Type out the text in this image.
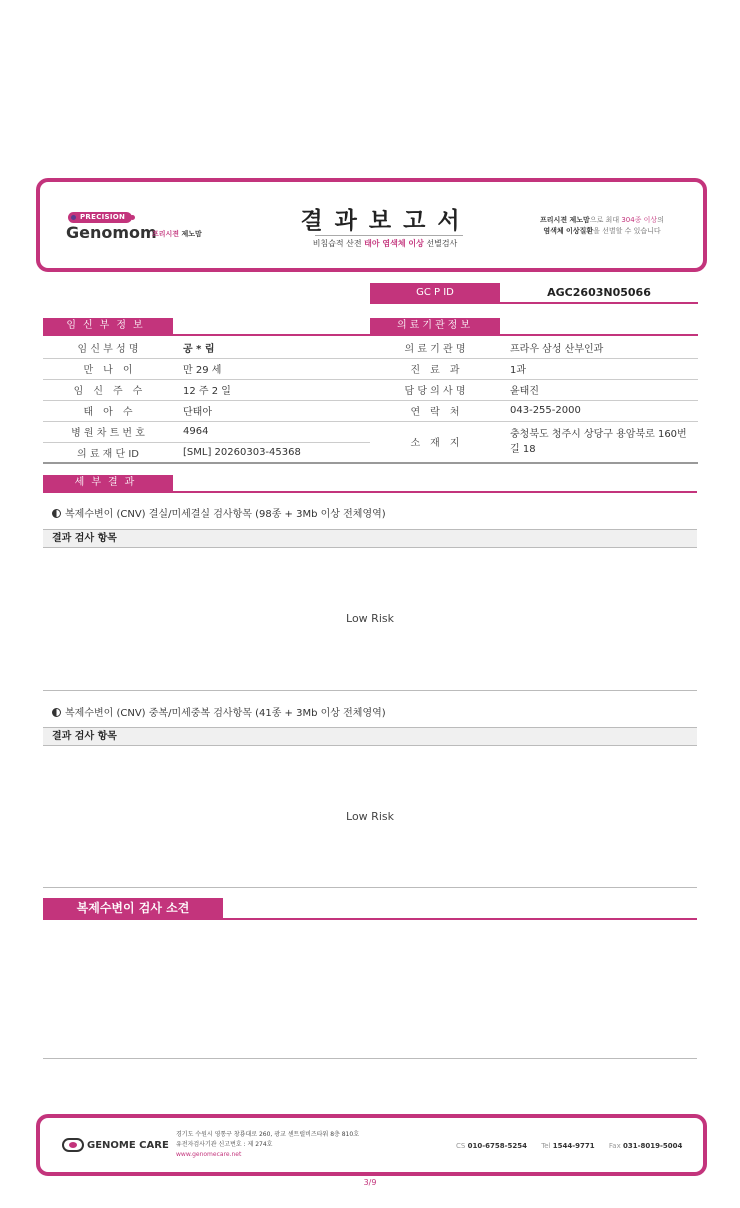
PRECISION
Genomom
프리시젼 제노맘	결과보고서
비침습적 산전 태아 염색체 이상 선별검사
프리시젼 제노맘으로 최대 304종 이상의
염색체 이상질환을 선별할 수 있습니다
GC P ID	AGC2603N05066
임신부정보	의료기관정보
임 신 부 성 명	공 * 림
만　나　이	만 29 세
임　신　주　수	12 주 2 일
태　아　수	단태아
병 원 차 트 번 호	4964
의 료 재 단 ID	[SML] 20260303-45368
의 료 기 관 명	프라우 삼성 산부인과
진　료　과	1과
담 당 의 사 명	윤태진
연　락　처	043-255-2000
소　재　지	충청북도 청주시 상당구 용암북로 160번길 18
세부결과
복제수변이 (CNV) 결실/미세결실 검사항목 (98종 + 3Mb 이상 전체영역)
결과 검사 항목
Low Risk
복제수변이 (CNV) 중복/미세중복 검사항목 (41종 + 3Mb 이상 전체영역)
결과 검사 항목
Low Risk
복제수변이 검사 소견
GENOME CARE
경기도 수원시 영통구 창룡대로 260, 광교 센트럴비즈타워 8층 810호
유전자검사기관 신고번호 : 제 274호
www.genomecare.net
CS 010-6758-5254 Tel 1544-9771 Fax 031-8019-5004
3/9
